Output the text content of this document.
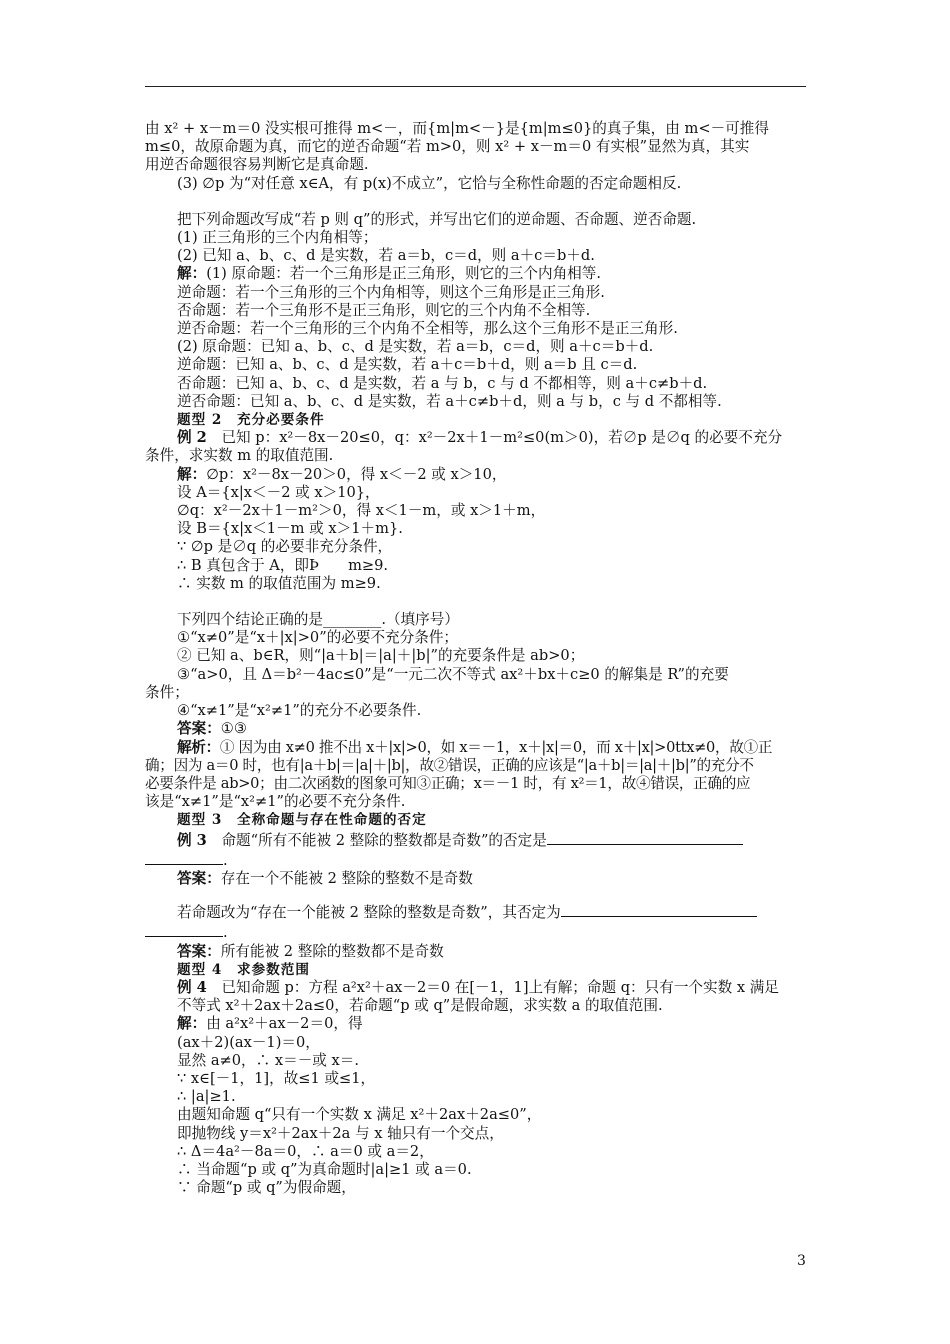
由 x² + x－m＝0 没实根可推得 m<－，而{m|m<－}是{m|m≤0}的真子集，由 m<－可推得
m≤0，故原命题为真，而它的逆否命题“若 m>0，则 x² + x－m＝0 有实根”显然为真，其实
用逆否命题很容易判断它是真命题.
(3) ∅p 为“对任意 x∈A，有 p(x)不成立”，它恰与全称性命题的否定命题相反.
把下列命题改写成“若 p 则 q”的形式，并写出它们的逆命题、否命题、逆否命题.
(1) 正三角形的三个内角相等；
(2) 已知 a、b、c、d 是实数，若 a＝b，c＝d，则 a＋c＝b＋d.
解：(1) 原命题：若一个三角形是正三角形，则它的三个内角相等.
逆命题：若一个三角形的三个内角相等，则这个三角形是正三角形.
否命题：若一个三角形不是正三角形，则它的三个内角不全相等.
逆否命题：若一个三角形的三个内角不全相等，那么这个三角形不是正三角形.
(2) 原命题：已知 a、b、c、d 是实数，若 a＝b，c＝d，则 a＋c＝b＋d.
逆命题：已知 a、b、c、d 是实数，若 a＋c＝b＋d，则 a＝b 且 c＝d.
否命题：已知 a、b、c、d 是实数，若 a 与 b，c 与 d 不都相等，则 a＋c≠b＋d.
逆否命题：已知 a、b、c、d 是实数，若 a＋c≠b＋d，则 a 与 b，c 与 d 不都相等.
题型 2　充分必要条件
例 2　已知 p：x²－8x－20≤0，q：x²－2x＋1－m²≤0(m＞0)，若∅p 是∅q 的必要不充分
条件，求实数 m 的取值范围.
解：∅p：x²－8x－20＞0，得 x＜－2 或 x＞10，
设 A＝{x|x＜－2 或 x＞10}，
∅q：x²－2x＋1－m²＞0，得 x＜1－m，或 x＞1＋m，
设 B＝{x|x＜1－m 或 x＞1＋m}.
∵ ∅p 是∅q 的必要非充分条件，
∴ B 真包含于 A，即Þ　　m≥9.
∴ 实数 m 的取值范围为 m≥9.
下列四个结论正确的是________.（填序号）
①“x≠0”是“x＋|x|>0”的必要不充分条件；
② 已知 a、b∈R，则“|a＋b|＝|a|＋|b|”的充要条件是 ab>0；
③“a>0，且 Δ＝b²－4ac≤0”是“一元二次不等式 ax²＋bx＋c≥0 的解集是 R”的充要
条件；
④“x≠1”是“x²≠1”的充分不必要条件.
答案：①③
解析：① 因为由 x≠0 推不出 x＋|x|>0，如 x＝－1，x＋|x|＝0，而 x＋|x|>0ttx≠0，故①正
确；因为 a＝0 时，也有|a＋b|＝|a|＋|b|，故②错误，正确的应该是“|a＋b|＝|a|＋|b|”的充分不
必要条件是 ab>0；由二次函数的图象可知③正确；x＝－1 时，有 x²＝1，故④错误，正确的应
该是“x≠1”是“x²≠1”的必要不充分条件.
题型 3　全称命题与存在性命题的否定
例 3　命题“所有不能被 2 整除的整数都是奇数”的否定是
.
答案：存在一个不能被 2 整除的整数不是奇数
若命题改为“存在一个能被 2 整除的整数是奇数”，其否定为
.
答案：所有能被 2 整除的整数都不是奇数
题型 4　求参数范围
例 4　已知命题 p：方程 a²x²＋ax－2＝0 在[－1，1]上有解；命题 q：只有一个实数 x 满足
不等式 x²＋2ax＋2a≤0，若命题“p 或 q”是假命题，求实数 a 的取值范围.
解：由 a²x²＋ax－2＝0，得
(ax＋2)(ax－1)＝0，
显然 a≠0，∴ x＝－或 x＝.
∵ x∈[－1，1]，故≤1 或≤1，
∴ |a|≥1.
由题知命题 q“只有一个实数 x 满足 x²＋2ax＋2a≤0”，
即抛物线 y＝x²＋2ax＋2a 与 x 轴只有一个交点，
∴ Δ＝4a²－8a＝0，∴ a＝0 或 a＝2，
∴ 当命题“p 或 q”为真命题时|a|≥1 或 a＝0.
∵ 命题“p 或 q”为假命题，
3
